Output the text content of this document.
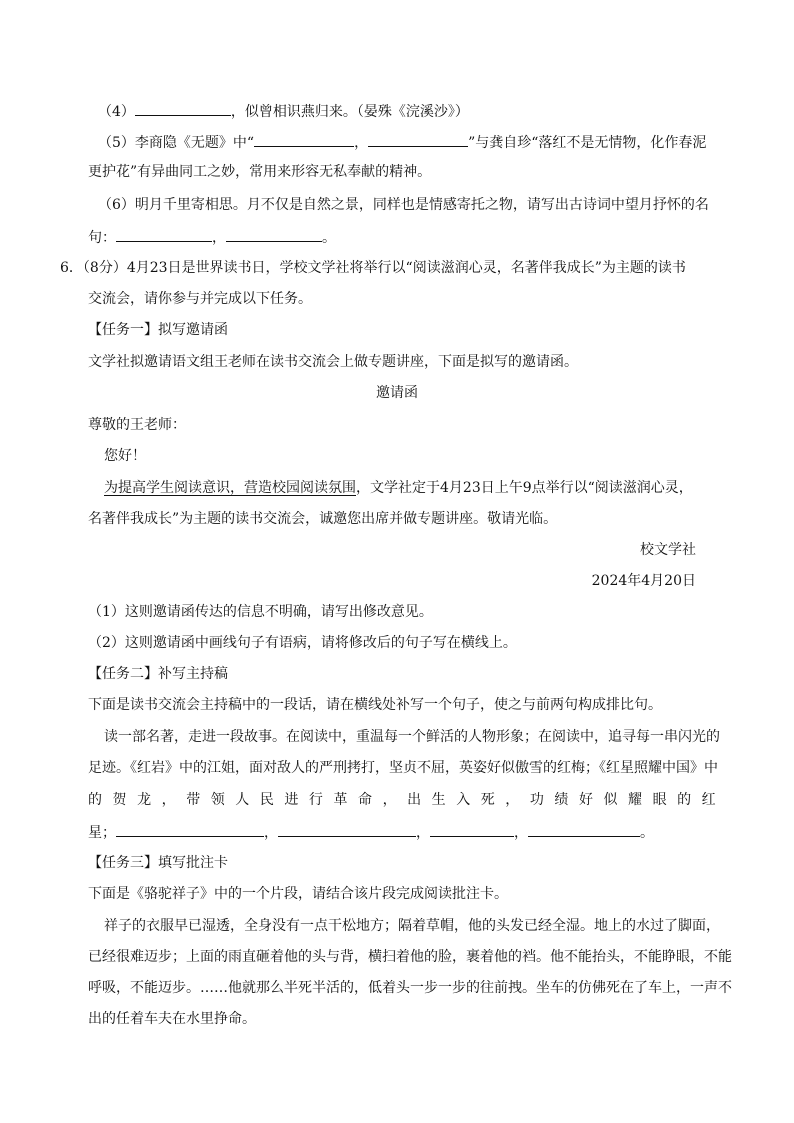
（4）	，似曾相识燕归来。（晏殊《浣溪沙》）
（5）李商隐《无题》中“	，	”与龚自珍“落红不是无情物，化作春泥
更护花”有异曲同工之妙，常用来形容无私奉献的精神。
（6）明月千里寄相思。月不仅是自然之景，同样也是情感寄托之物，请写出古诗词中望月抒怀的名
句：	，	。
6．（8分）4月23日是世界读书日，学校文学社将举行以“阅读滋润心灵，名著伴我成长”为主题的读书
交流会，请你参与并完成以下任务。
【任务一】拟写邀请函
文学社拟邀请语文组王老师在读书交流会上做专题讲座，下面是拟写的邀请函。
邀请函
尊敬的王老师：
您好！
为提高学生阅读意识，营造校园阅读氛围，文学社定于4月23日上午9点举行以“阅读滋润心灵，
名著伴我成长”为主题的读书交流会，诚邀您出席并做专题讲座。敬请光临。
校文学社
2024年4月20日
（1）这则邀请函传达的信息不明确，请写出修改意见。
（2）这则邀请函中画线句子有语病，请将修改后的句子写在横线上。
【任务二】补写主持稿
下面是读书交流会主持稿中的一段话，请在横线处补写一个句子，使之与前两句构成排比句。
读一部名著，走进一段故事。在阅读中，重温每一个鲜活的人物形象；在阅读中，追寻每一串闪光的
足迹。《红岩》中的江姐，面对敌人的严刑拷打，坚贞不屈，英姿好似傲雪的红梅；《红星照耀中国》中
的 贺 龙 ， 带 领 人 民 进 行 革 命 ， 出 生 入 死 ， 功 绩 好 似 耀 眼 的 红
星；	，	，	，	。
【任务三】填写批注卡
下面是《骆驼祥子》中的一个片段，请结合该片段完成阅读批注卡。
祥子的衣服早已湿透，全身没有一点干松地方；隔着草帽，他的头发已经全湿。地上的水过了脚面，
已经很难迈步；上面的雨直砸着他的头与背，横扫着他的脸，裹着他的裆。他不能抬头，不能睁眼，不能
呼吸，不能迈步。……他就那么半死半活的，低着头一步一步的往前拽。坐车的仿佛死在了车上，一声不
出的任着车夫在水里挣命。
